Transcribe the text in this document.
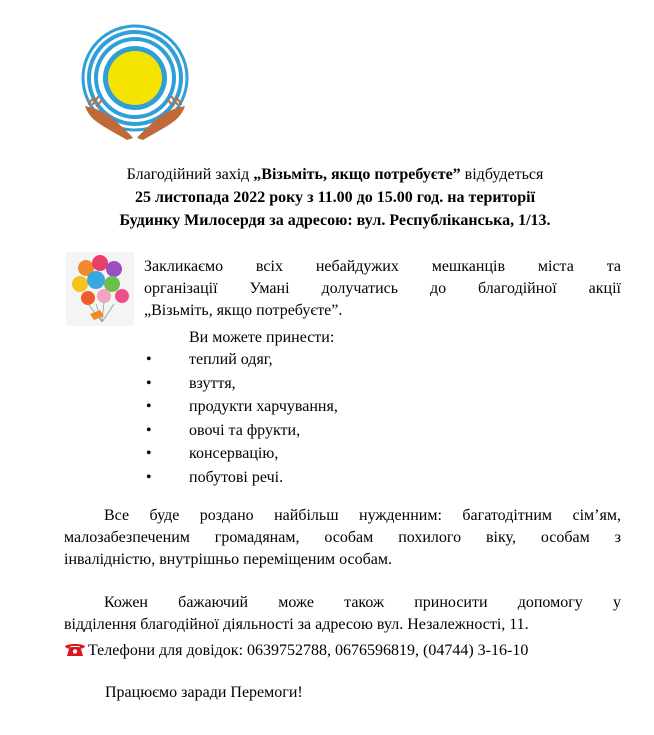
Благодійний захід „Візьміть, якщо потребуєте” відбудеться
25 листопада 2022 року з 11.00 до 15.00 год. на території
Будинку Милосердя за адресою: вул. Республіканська, 1/13.
Закликаємо всіх небайдужих мешканців міста та
організації Умані долучатись до благодійної акції
„Візьміть, якщо потребуєте”.
Ви можете принести:
• теплий одяг,
• взуття,
• продукти харчування,
• овочі та фрукти,
• консервацію,
• побутові речі.
Все буде роздано найбільш нужденним: багатодітним сім’ям,
малозабезпеченим громадянам, особам похилого віку, особам з
інвалідністю, внутрішньо переміщеним особам.
Кожен бажаючий може також приносити допомогу у
відділення благодійної діяльності за адресою вул. Незалежності, 11.
Телефони для довідок: 0639752788, 0676596819, (04744) 3-16-10
Працюємо заради Перемоги!
